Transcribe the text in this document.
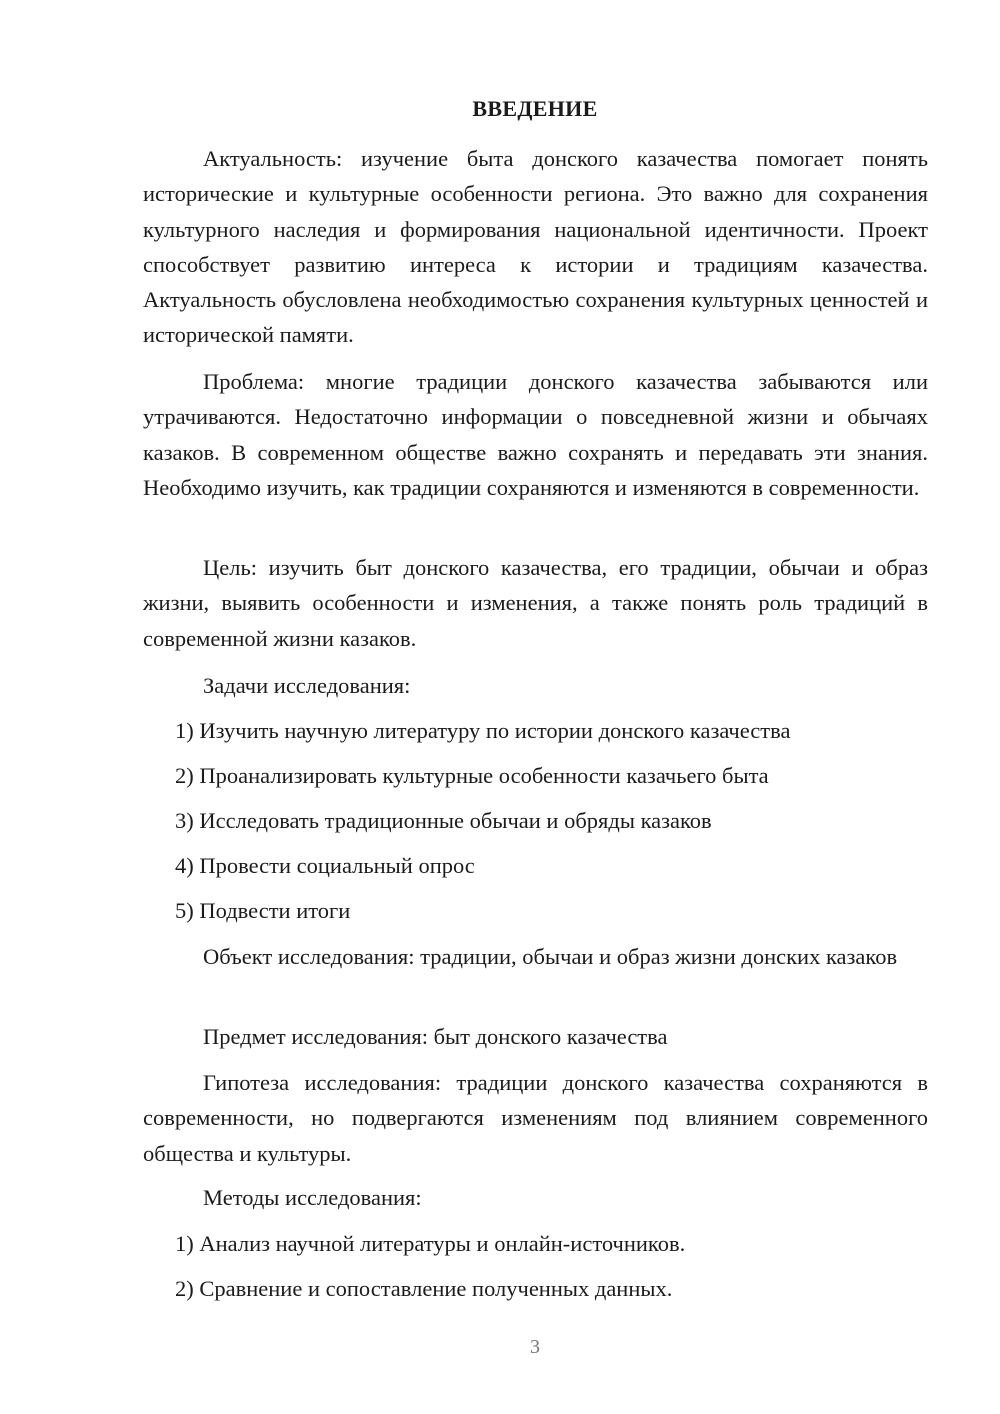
ВВЕДЕНИЕ

Актуальность: изучение быта донского казачества помогает понять исторические и культурные особенности региона. Это важно для сохранения культурного наследия и формирования национальной идентичности. Проект способствует развитию интереса к истории и традициям казачества. Актуальность обусловлена необходимостью сохранения культурных ценностей и исторической памяти.

Проблема: многие традиции донского казачества забываются или утрачиваются. Недостаточно информации о повседневной жизни и обычаях казаков. В современном обществе важно сохранять и передавать эти знания. Необходимо изучить, как традиции сохраняются и изменяются в современности.

Цель: изучить быт донского казачества, его традиции, обычаи и образ жизни, выявить особенности и изменения, а также понять роль традиций в современной жизни казаков.

Задачи исследования:

1) Изучить научную литературу по истории донского казачества

2) Проанализировать культурные особенности казачьего быта

3) Исследовать традиционные обычаи и обряды казаков

4) Провести социальный опрос

5) Подвести итоги

Объект исследования: традиции, обычаи и образ жизни донских казаков

Предмет исследования: быт донского казачества

Гипотеза исследования: традиции донского казачества сохраняются в современности, но подвергаются изменениям под влиянием современного общества и культуры.

Методы исследования:

1) Анализ научной литературы и онлайн-источников.

2) Сравнение и сопоставление полученных данных.

3
